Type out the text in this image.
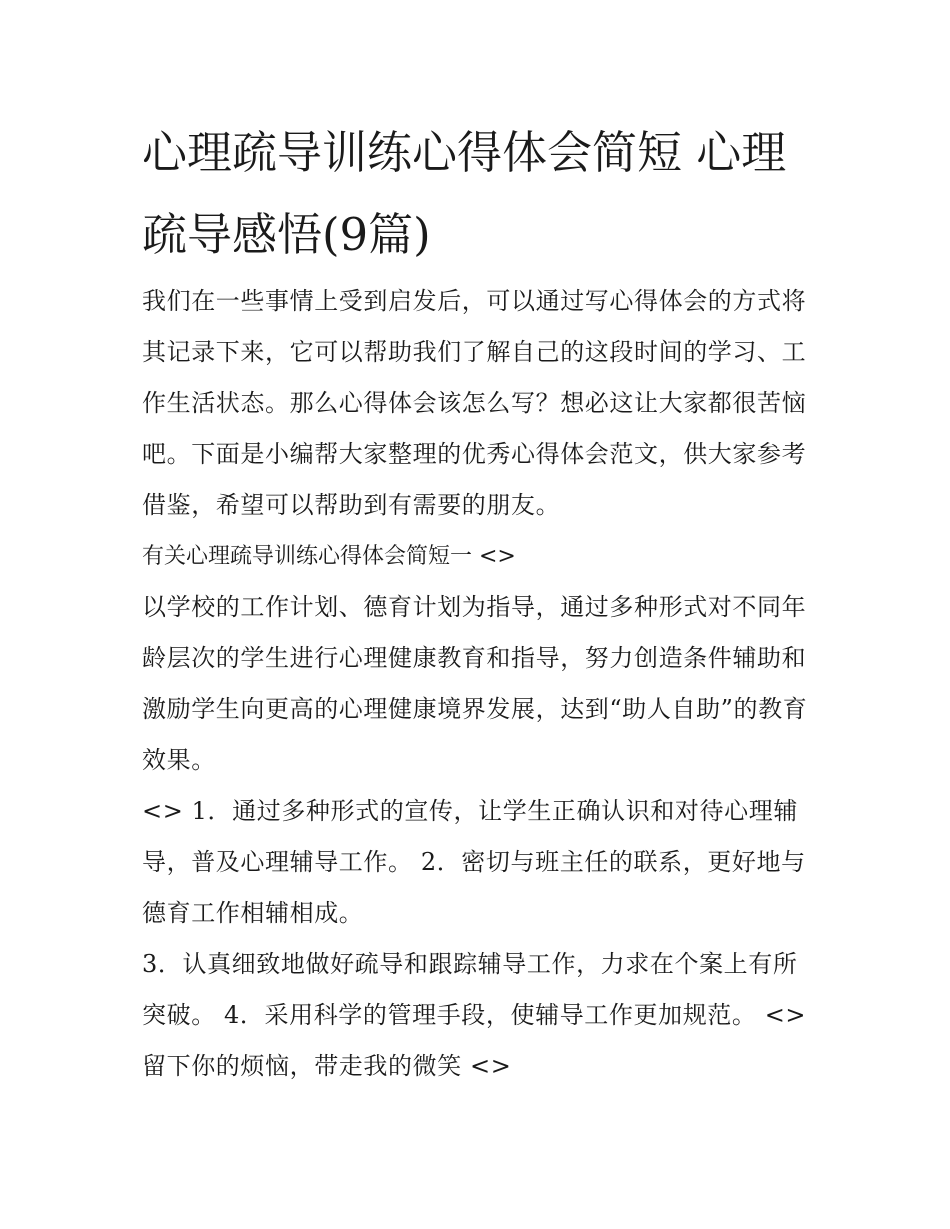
心理疏导训练心得体会简短 心理疏导感悟(9篇)

我们在一些事情上受到启发后，可以通过写心得体会的方式将其记录下来，它可以帮助我们了解自己的这段时间的学习、工作生活状态。那么心得体会该怎么写？想必这让大家都很苦恼吧。下面是小编帮大家整理的优秀心得体会范文，供大家参考借鉴，希望可以帮助到有需要的朋友。

有关心理疏导训练心得体会简短一 <>

以学校的工作计划、德育计划为指导，通过多种形式对不同年龄层次的学生进行心理健康教育和指导，努力创造条件辅助和激励学生向更高的心理健康境界发展，达到“助人自助”的教育效果。

<> 1．通过多种形式的宣传，让学生正确认识和对待心理辅导，普及心理辅导工作。 2．密切与班主任的联系，更好地与德育工作相辅相成。

3．认真细致地做好疏导和跟踪辅导工作，力求在个案上有所突破。 4．采用科学的管理手段，使辅导工作更加规范。 <> 留下你的烦恼，带走我的微笑 <>
